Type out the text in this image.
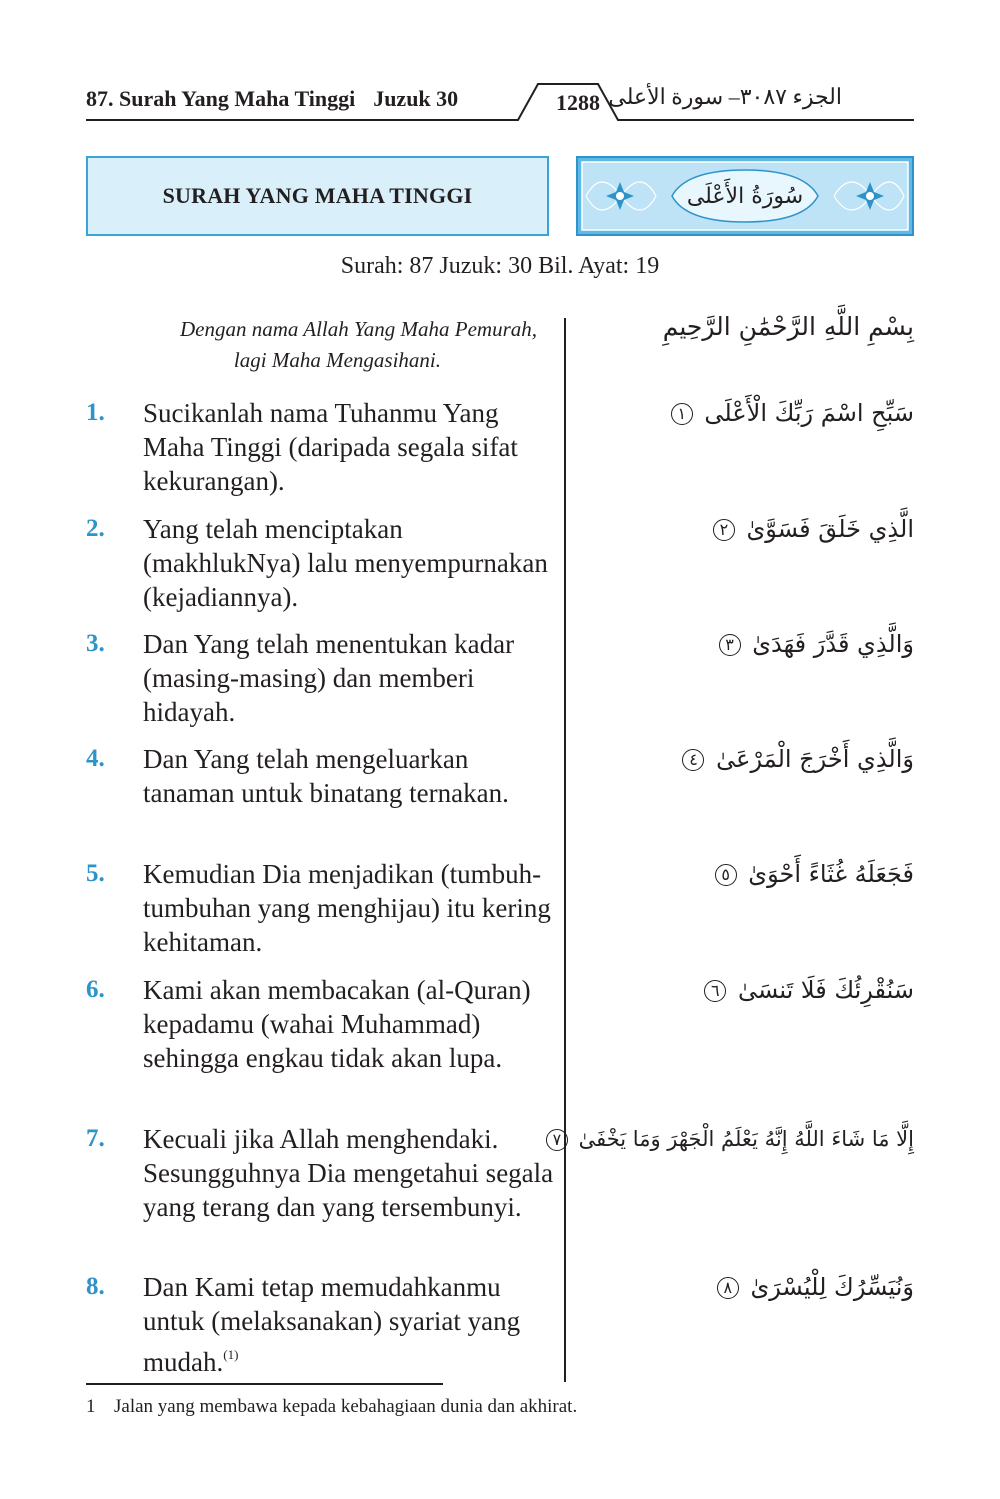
87. Surah Yang Maha Tinggi Juzuk 30	1288	الجزء ٣٠٨٧– سورة الأعلى
SURAH YANG MAHA TINGGI	سُورَةُ الأَعْلَى
Surah: 87 Juzuk: 30 Bil. Ayat: 19
Dengan nama Allah Yang Maha Pemurah,
lagi Maha Mengasihani.
بِسْمِ اللَّهِ الرَّحْمَٰنِ الرَّحِيمِ
1.	Sucikanlah nama Tuhanmu Yang Maha Tinggi (daripada segala sifat kekurangan).
سَبِّحِ اسْمَ رَبِّكَ الْأَعْلَى ١
2.	Yang telah menciptakan (makhlukNya) lalu menyempurnakan (kejadiannya).
الَّذِي خَلَقَ فَسَوَّىٰ ٢
3.	Dan Yang telah menentukan kadar (masing-masing) dan memberi hidayah.
وَالَّذِي قَدَّرَ فَهَدَىٰ ٣
4.	Dan Yang telah mengeluarkan tanaman untuk binatang ternakan.
وَالَّذِي أَخْرَجَ الْمَرْعَىٰ ٤
5.	Kemudian Dia menjadikan (tumbuh-tumbuhan yang menghijau) itu kering kehitaman.
فَجَعَلَهُ غُثَاءً أَحْوَىٰ ٥
6.	Kami akan membacakan (al-Quran) kepadamu (wahai Muhammad) sehingga engkau tidak akan lupa.
سَنُقْرِئُكَ فَلَا تَنسَىٰ ٦
7.	Kecuali jika Allah menghendaki. Sesungguhnya Dia mengetahui segala yang terang dan yang tersembunyi.
إِلَّا مَا شَاءَ اللَّهُ إِنَّهُ يَعْلَمُ الْجَهْرَ وَمَا يَخْفَىٰ ٧
8.	Dan Kami tetap memudahkanmu untuk (melaksanakan) syariat yang mudah.$^{(1)}$
وَنُيَسِّرُكَ لِلْيُسْرَىٰ ٨
1 Jalan yang membawa kepada kebahagiaan dunia dan akhirat.
